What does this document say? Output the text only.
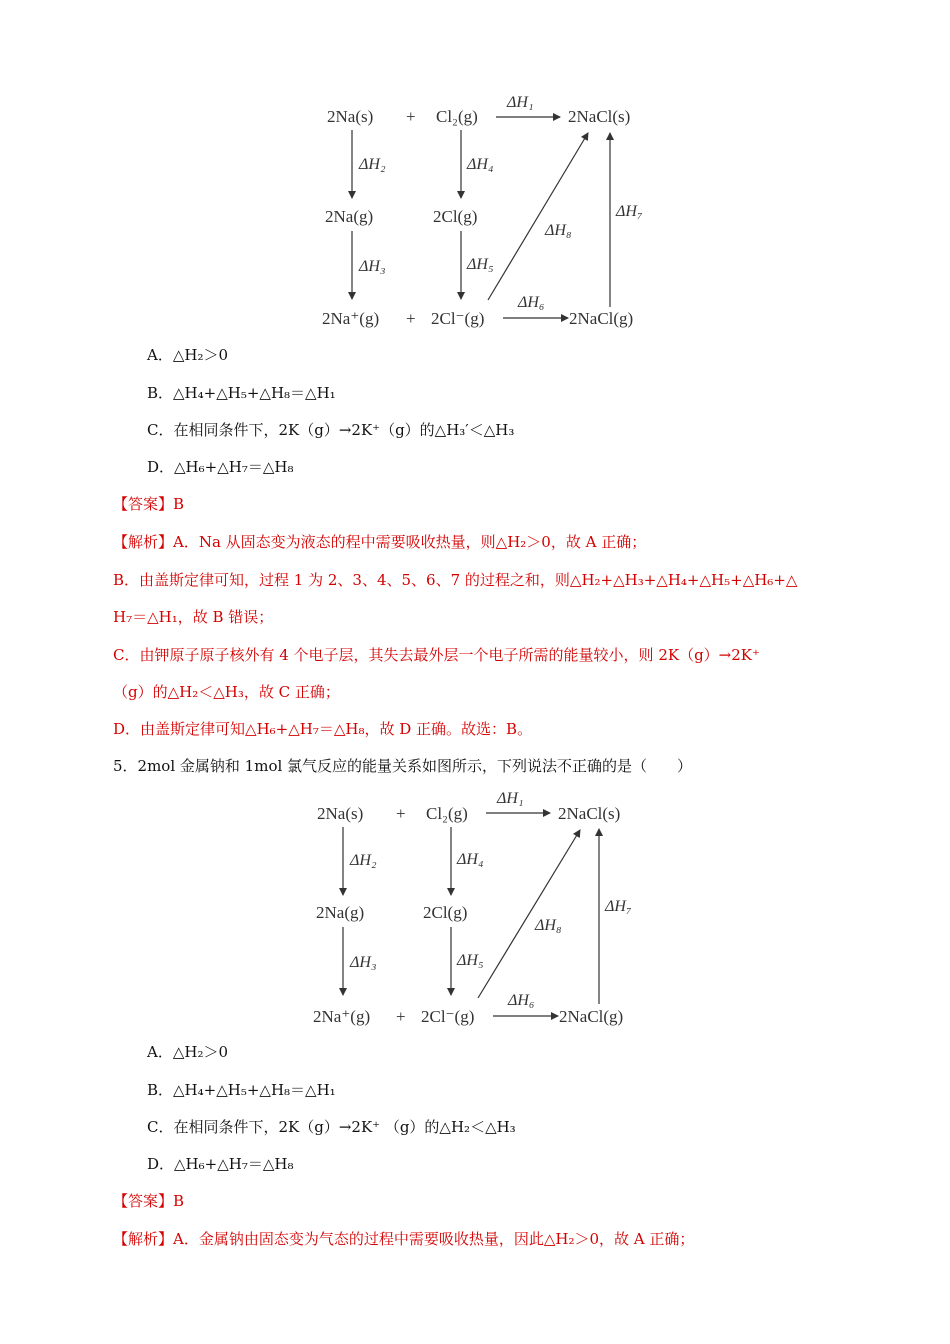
2Na(s) + Cl₂(g)	2NaCl(s)
ΔH₁
ΔH₂	ΔH₄
2Na(g)	2Cl(g)
ΔH₃	ΔH₅
ΔH₈
ΔH₇
2Na⁺(g) + 2Cl⁻(g)
ΔH₆
2NaCl(g)
A．△H₂＞0
B．△H₄+△H₅+△H₈＝△H₁
C．在相同条件下，2K（g）→2K⁺（g）的△H₃′＜△H₃
D．△H₆+△H₇＝△H₈
【答案】B
【解析】A．Na 从固态变为液态的程中需要吸收热量，则△H₂＞0，故 A 正确；
B．由盖斯定律可知，过程 1 为 2、3、4、5、6、7 的过程之和，则△H₂+△H₃+△H₄+△H₅+△H₆+△
H₇＝△H₁，故 B 错误；
C．由钾原子原子核外有 4 个电子层，其失去最外层一个电子所需的能量较小，则 2K（g）→2K⁺
（g）的△H₂＜△H₃，故 C 正确；
D．由盖斯定律可知△H₆+△H₇＝△H₈，故 D 正确。故选：B。
5．2mol 金属钠和 1mol 氯气反应的能量关系如图所示，下列说法不正确的是（　　）
2Na(s) + Cl₂(g)	2NaCl(s)
ΔH₁
ΔH₂	ΔH₄
2Na(g)	2Cl(g)
ΔH₃	ΔH₅
ΔH₈
ΔH₇
2Na⁺(g) + 2Cl⁻(g)
ΔH₆
2NaCl(g)
A．△H₂＞0
B．△H₄+△H₅+△H₈＝△H₁
C．在相同条件下，2K（g）→2K⁺ （g）的△H₂＜△H₃
D．△H₆+△H₇＝△H₈
【答案】B
【解析】A．金属钠由固态变为气态的过程中需要吸收热量，因此△H₂＞0，故 A 正确；
